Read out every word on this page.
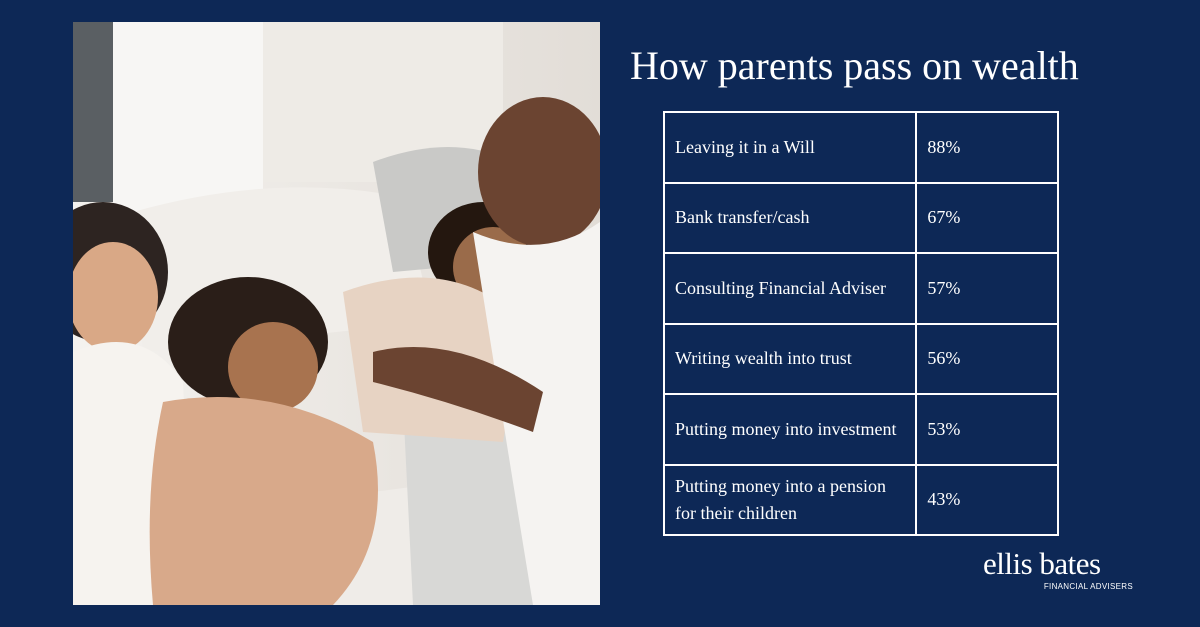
How parents pass on wealth
Leaving it in a Will	88%
Bank transfer/cash	67%
Consulting Financial Adviser	57%
Writing wealth into trust	56%
Putting money into investment	53%
Putting money into a pension for their children	43%
ellis bates
FINANCIAL ADVISERS
